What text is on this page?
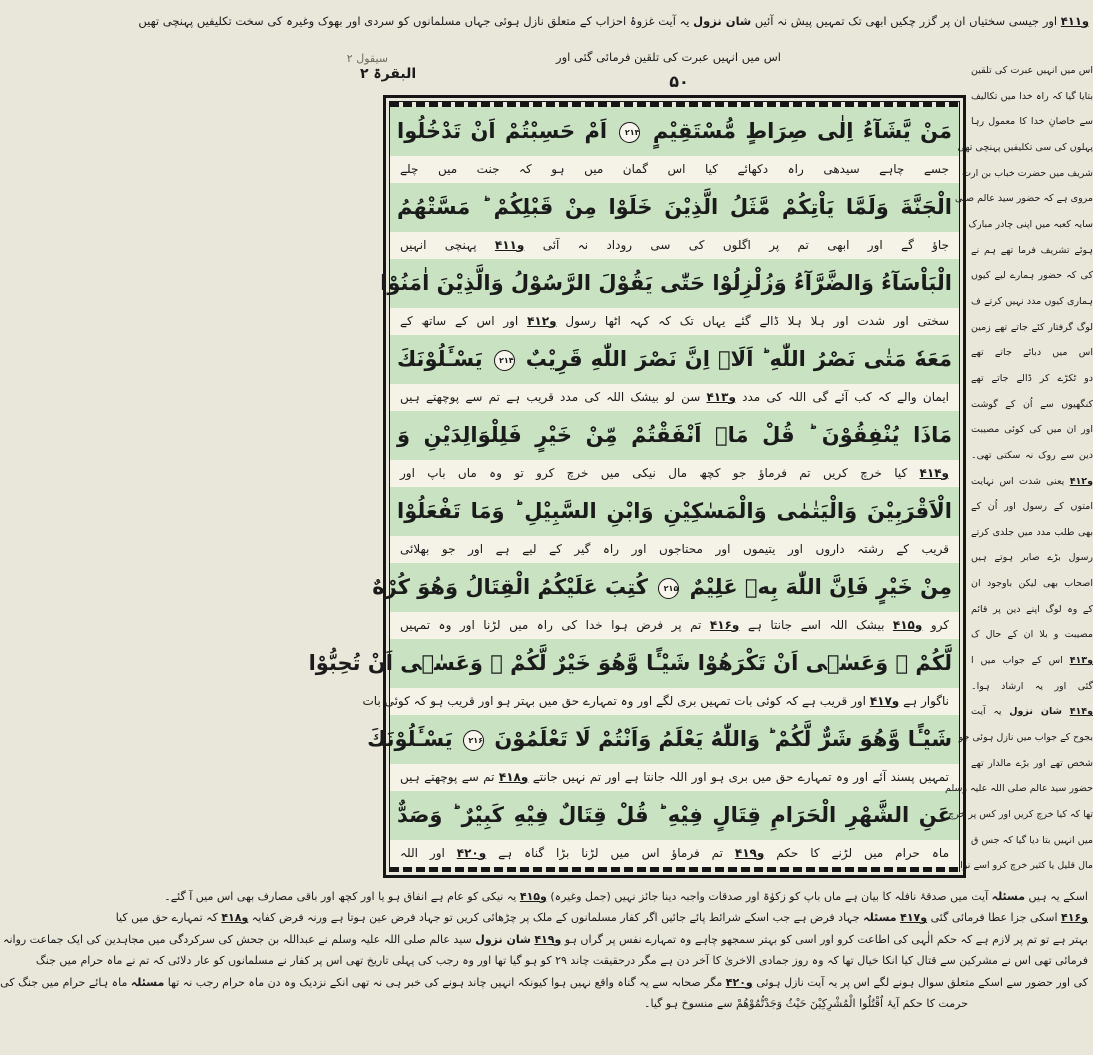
و۴۱۱ اور جیسی سختیاں ان پر گزر چکیں ابھی تک تمہیں پیش نہ آئیں شان نزول یہ آیت غزوۂ احزاب کے متعلق نازل ہوئی جہاں مسلمانوں کو سردی اور بھوک وغیرہ کی سخت تکلیفیں پہنچی تھیں
اس میں انہیں عبرت کی تلقین فرمائی گئی اور
سیقول ۲
البقرۃ ۲	۵۰
مَنْ يَّشَآءُ اِلٰى صِرَاطٍ مُّسْتَقِيْمٍ ۲۱۳ اَمْ حَسِبْتُمْ اَنْ تَدْخُلُوا
جسے چاہے سیدھی راہ دکھائے کیا اس گمان میں ہو کہ جنت میں چلے
الْجَنَّةَ وَلَمَّا يَاْتِكُمْ مَّثَلُ الَّذِيْنَ خَلَوْا مِنْ قَبْلِكُمْ ؕ مَسَّتْهُمُ
جاؤ گے اور ابھی تم پر اگلوں کی سی روداد نہ آئی و۴۱۱ پہنچی انہیں
الْبَاْسَآءُ وَالضَّرَّآءُ وَزُلْزِلُوْا حَتّٰى يَقُوْلَ الرَّسُوْلُ وَالَّذِيْنَ اٰمَنُوْا
سختی اور شدت اور ہلا ہلا ڈالے گئے یہاں تک کہ کہہ اٹھا رسول و۴۱۲ اور اس کے ساتھ کے
مَعَهٗ مَتٰى نَصْرُ اللّٰهِ ؕ اَلَاۤ اِنَّ نَصْرَ اللّٰهِ قَرِيْبٌ ۲۱۴ يَسْـَٔلُوْنَكَ
ایمان والے کہ کب آئے گی اللہ کی مدد و۴۱۳ سن لو بیشک اللہ کی مدد قریب ہے تم سے پوچھتے ہیں
مَاذَا يُنْفِقُوْنَ ؕ قُلْ مَاۤ اَنْفَقْتُمْ مِّنْ خَيْرٍ فَلِلْوَالِدَيْنِ وَ
و۴۱۴ کیا خرچ کریں تم فرماؤ جو کچھ مال نیکی میں خرچ کرو تو وہ ماں باپ اور
الْاَقْرَبِيْنَ وَالْيَتٰمٰى وَالْمَسٰكِيْنِ وَابْنِ السَّبِيْلِ ؕ وَمَا تَفْعَلُوْا
قریب کے رشتہ داروں اور یتیموں اور محتاجوں اور راہ گیر کے لیے ہے اور جو بھلائی
مِنْ خَيْرٍ فَاِنَّ اللّٰهَ بِهٖ عَلِيْمٌ ۲۱۵ كُتِبَ عَلَيْكُمُ الْقِتَالُ وَهُوَ كُرْهٌ
کرو و۴۱۵ بیشک اللہ اسے جانتا ہے و۴۱۶ تم پر فرض ہوا خدا کی راہ میں لڑنا اور وہ تمہیں
لَّكُمْ ۚ وَعَسٰۤى اَنْ تَكْرَهُوْا شَيْـًٔا وَّهُوَ خَيْرٌ لَّكُمْ ۚ وَعَسٰۤى اَنْ تُحِبُّوْا
ناگوار ہے و۴۱۷ اور قریب ہے کہ کوئی بات تمہیں بری لگے اور وہ تمہارے حق میں بہتر ہو اور قریب ہو کہ کوئی بات
شَيْـًٔا وَّهُوَ شَرٌّ لَّكُمْ ؕ وَاللّٰهُ يَعْلَمُ وَاَنْتُمْ لَا تَعْلَمُوْنَ ۲۱۶ يَسْـَٔلُوْنَكَ
تمہیں پسند آئے اور وہ تمہارے حق میں بری ہو اور اللہ جانتا ہے اور تم نہیں جانتے و۴۱۸ تم سے پوچھتے ہیں
عَنِ الشَّهْرِ الْحَرَامِ قِتَالٍ فِيْهِ ؕ قُلْ قِتَالٌ فِيْهِ كَبِيْرٌ ؕ وَصَدٌّ
ماہ حرام میں لڑنے کا حکم و۴۱۹ تم فرماؤ اس میں لڑنا بڑا گناہ ہے و۴۲۰ اور اللہ
اس میں انہیں عبرت کی تلقین
بتایا گیا کہ راہ خدا میں تکالیف
سے خاصانِ خدا کا معمول رہا
پہلوں کی سی تکلیفیں پہنچی تھی
شریف میں حضرت خباب بن ارت
مروی ہے کہ حضور سید عالم صلی
سایہ کعبہ میں اپنی چادر مبارک
ہوئے تشریف فرما تھے ہم نے
کی کہ حضور ہمارے لیے کیوں
ہماری کیوں مدد نہیں کرتے ف
لوگ گرفتار کئے جاتے تھے زمین
اس میں دبائے جاتے تھے
دو ٹکڑے کر ڈالے جاتے تھے
کنگھیوں سے اُن کے گوشت
اور ان میں کی کوئی مصیبت
دین سے روک نہ سکتی تھی۔
و۴۱۲ یعنی شدت اس نہایت
امتوں کے رسول اور اُن کے
بھی طلب مدد میں جلدی کرتے
رسول بڑے صابر ہوتے ہیں
اصحاب بھی لیکن باوجود ان
کے وہ لوگ اپنے دین پر قائم
مصیبت و بلا ان کے حال ک
و۴۱۳ اس کے جواب میں ا
گئی اور یہ ارشاد ہوا۔
و۴۱۴ شان نزول یہ آیت
بجوح کے جواب میں نازل ہوئی جو
شخص تھے اور بڑے مالدار تھے
حضور سید عالم صلی اللہ علیہ وسلم
تھا کہ کیا خرچ کریں اور کس پر خرچ
میں انہیں بتا دیا گیا کہ جس ق
مال قلیل یا کثیر خرچ کرو اسے نوا
اسکے یہ ہیں مسئلہ آیت میں صدقۂ نافلہ کا بیان ہے ماں باپ کو زکوٰۃ اور صدقات واجبہ دینا جائز نہیں (جمل وغیرہ) و۴۱۵ یہ نیکی کو عام ہے انفاق ہو یا اور کچھ اور باقی مصارف بھی اس میں آ گئے۔
و۴۱۶ اسکی جزا عطا فرمائی گئی و۴۱۷ مسئلہ جہاد فرض ہے جب اسکے شرائط پائے جائیں اگر کفار مسلمانوں کے ملک پر چڑھائی کریں تو جہاد فرض عین ہوتا ہے ورنہ فرض کفایہ و۴۱۸ کہ تمہارے حق میں کیا
بہتر ہے تو تم پر لازم ہے کہ حکم الٰہی کی اطاعت کرو اور اسی کو بہتر سمجھو چاہے وہ تمہارے نفس پر گراں ہو و۴۱۹ شان نزول سید عالم صلی اللہ علیہ وسلم نے عبداللہ بن جحش کی سرکردگی میں مجاہدین کی ایک جماعت روانہ
فرمائی تھی اس نے مشرکین سے قتال کیا انکا خیال تھا کہ وہ روز جمادی الاخریٰ کا آخر دن ہے مگر درحقیقت چاند ۲۹ کو ہو گیا تھا اور وہ رجب کی پہلی تاریخ تھی اس پر کفار نے مسلمانوں کو عار دلائی کہ تم نے ماہ حرام میں جنگ
کی اور حضور سے اسکے متعلق سوال ہونے لگے اس پر یہ آیت نازل ہوئی و۴۲۰ مگر صحابہ سے یہ گناہ واقع نہیں ہوا کیونکہ انہیں چاند ہونے کی خبر ہی نہ تھی انکے نزدیک وہ دن ماہ حرام رجب نہ تھا مسئلہ ماہ ہائے حرام میں جنگ کی
حرمت کا حکم آیۂ اُقْتُلُوا الْمُشْرِكِيْنَ حَيْثُ وَجَدْتُّمُوْهُمْ سے منسوخ ہو گیا۔
